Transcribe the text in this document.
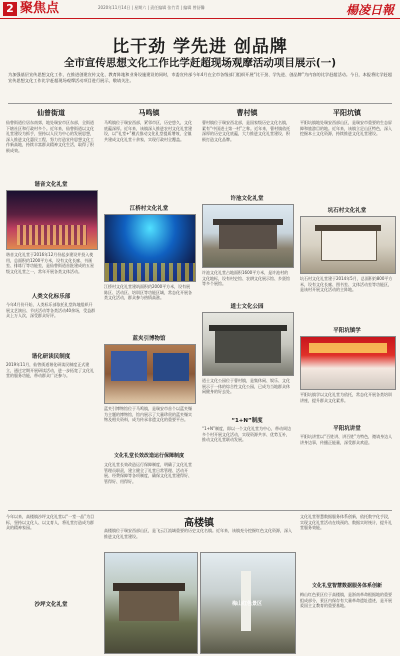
2 聚焦点	2020年11月14日 | 星期六 | 责任编辑 张竹青 | 编辑 曾舒馨	楊凌日報
比干劲 学先进 创品牌
全市宣传思想文化工作比学赶超现场观摩活动项目展示(一)
为加强基层宣传思想文化工作，在推进创建宣传文化、教育阵地和业务设施建设的同时，市委宣传部今年4月在全市各级部门组织开展“比干劲、学先进、创品牌”为内容的比学赶超活动。今日，本报将比学赶超宣传思想文化工作比学赶超现场观摩活动项目进行展示，敬请关注。
仙曾街道
仙曾街道位居东南郊，地处瑞安市区东部，全街道下辖社区和行政村多个。近年来，仙曾街道以文化礼堂建设为抓手，坚持以人民为中心的发展思想，深入推进文化惠民工程，努力打造宣传思想文化工作新高地，持续丰富群众精神文化生活，取得了积极成效。
谐音文化礼堂
谐音文化礼堂于2016年12月份起步建设并投入使用，总面积约1200平方米，设有文化长廊、书画室、排练厅等功能室，是仙曾街道首批建成的五星级文化礼堂之一，常年开展各类文体活动。
人类文化标乐部
今年4月份开始，人类标乐部依托礼堂阵地组织开展文艺演出、节庆活动等各类活动40余场，受益群众上万人次，深受群众好评。
谐化研读民制度
2019年11月，仙曾街道谐化研读民制度正式建立，通过定期开展研读活动，进一步拓宽了文化礼堂的服务功能，带动群众广泛参与。
马鸣镇
马鸣镇位于瑞安西部，紧邻市区，历史悠久，文化底蕴深厚。近年来，该镇深入推进农村文化礼堂建设，以“礼堂+”模式推动文化礼堂提质增效，全镇共建成文化礼堂十余家，实现行政村全覆盖。
江桥村文化礼堂
江桥村文化礼堂建筑面积约2000平方米，设有展陈区、活动区、培训区等功能区域，常态化开展各类文化活动，群众参与热情高涨。
蓝夹引博物馆
蓝夹引博物馆位于马鸣镇，是瑞安市首个以蓝夹缬为主题的博物馆，馆内展示了大量珍贵的蓝夹缬实物及相关资料，成为传承非遗文化的重要平台。
文化礼堂长效改造运行保障制度
文化礼堂长效改造运行保障制度，明确了文化礼堂管理员职责，建立健全了礼堂日常管理、活动开展、经费保障等各项制度，确保文化礼堂建得好、管得好、用得好。
曹村镇
曹村镇位于瑞安西北部，是国家级历史文化名镇，素有“中国进士第一村”之称。近年来，曹村镇依托深厚的历史文化底蕴，大力推进文化礼堂建设，积极打造文化品牌。
许池文化礼堂
许池文化礼堂占地面积1600平方米，是许池村的文化地标，设有村史馆、农耕文化展示馆、乡贤馆等多个展馆。
道士文化公园
道士文化公园位于曹村镇，是集休闲、娱乐、文化展示于一体的综合性文化公园，已成为当地群众休闲健身的好去处。
“1+N”制度
“1+N”制度，即以一个文化礼堂为中心，带动周边多个村开展文化活动，实现资源共享、优势互补，推动文化礼堂联动发展。
平阳坑镇
平阳坑镇地处瑞安西部山区，是瑞安市重要的生态屏障和旅游目的地。近年来，该镇立足山区特色，深入挖掘本土文化资源，持续推进文化礼堂建设。
坑石村文化礼堂
坑石村文化礼堂建于2014年5月，总面积约800平方米，设有文化长廊、图书室、文体活动室等功能区，是该村开展文化活动的主阵地。
平阳坑镇学
平阳坑镇学以文化礼堂为依托，常态化开展各类培训讲座，提升群众文化素养。
平阳坑讲堂
平阳坑讲堂以“百姓讲、讲百姓”为特色，邀请身边人讲身边事，传播正能量，深受群众欢迎。
今年以来，高楼镇沙坪文化礼堂以“一堂一品”为目标，坚持以文化人、以文育人，将礼堂打造成为群众的精神家园。
沙坪文化礼堂
高楼镇
高楼镇位于瑞安西部山区，是飞云江流域重要的历史文化名镇。近年来，该镇充分挖掘红色文化资源，深入推进文化礼堂建设。
文化礼堂智慧数据服务体系创新，依托数字化手段，实现文化礼堂活动在线预约、数据实时统计，提升礼堂服务效能。
文化礼堂智慧数据服务体系创新
梅山红色景区位于高楼镇，是浙南革命根据地的重要组成部分，景区内保存有大量革命遗址遗迹，是开展爱国主义教育的重要基地。
梅山红色景区
